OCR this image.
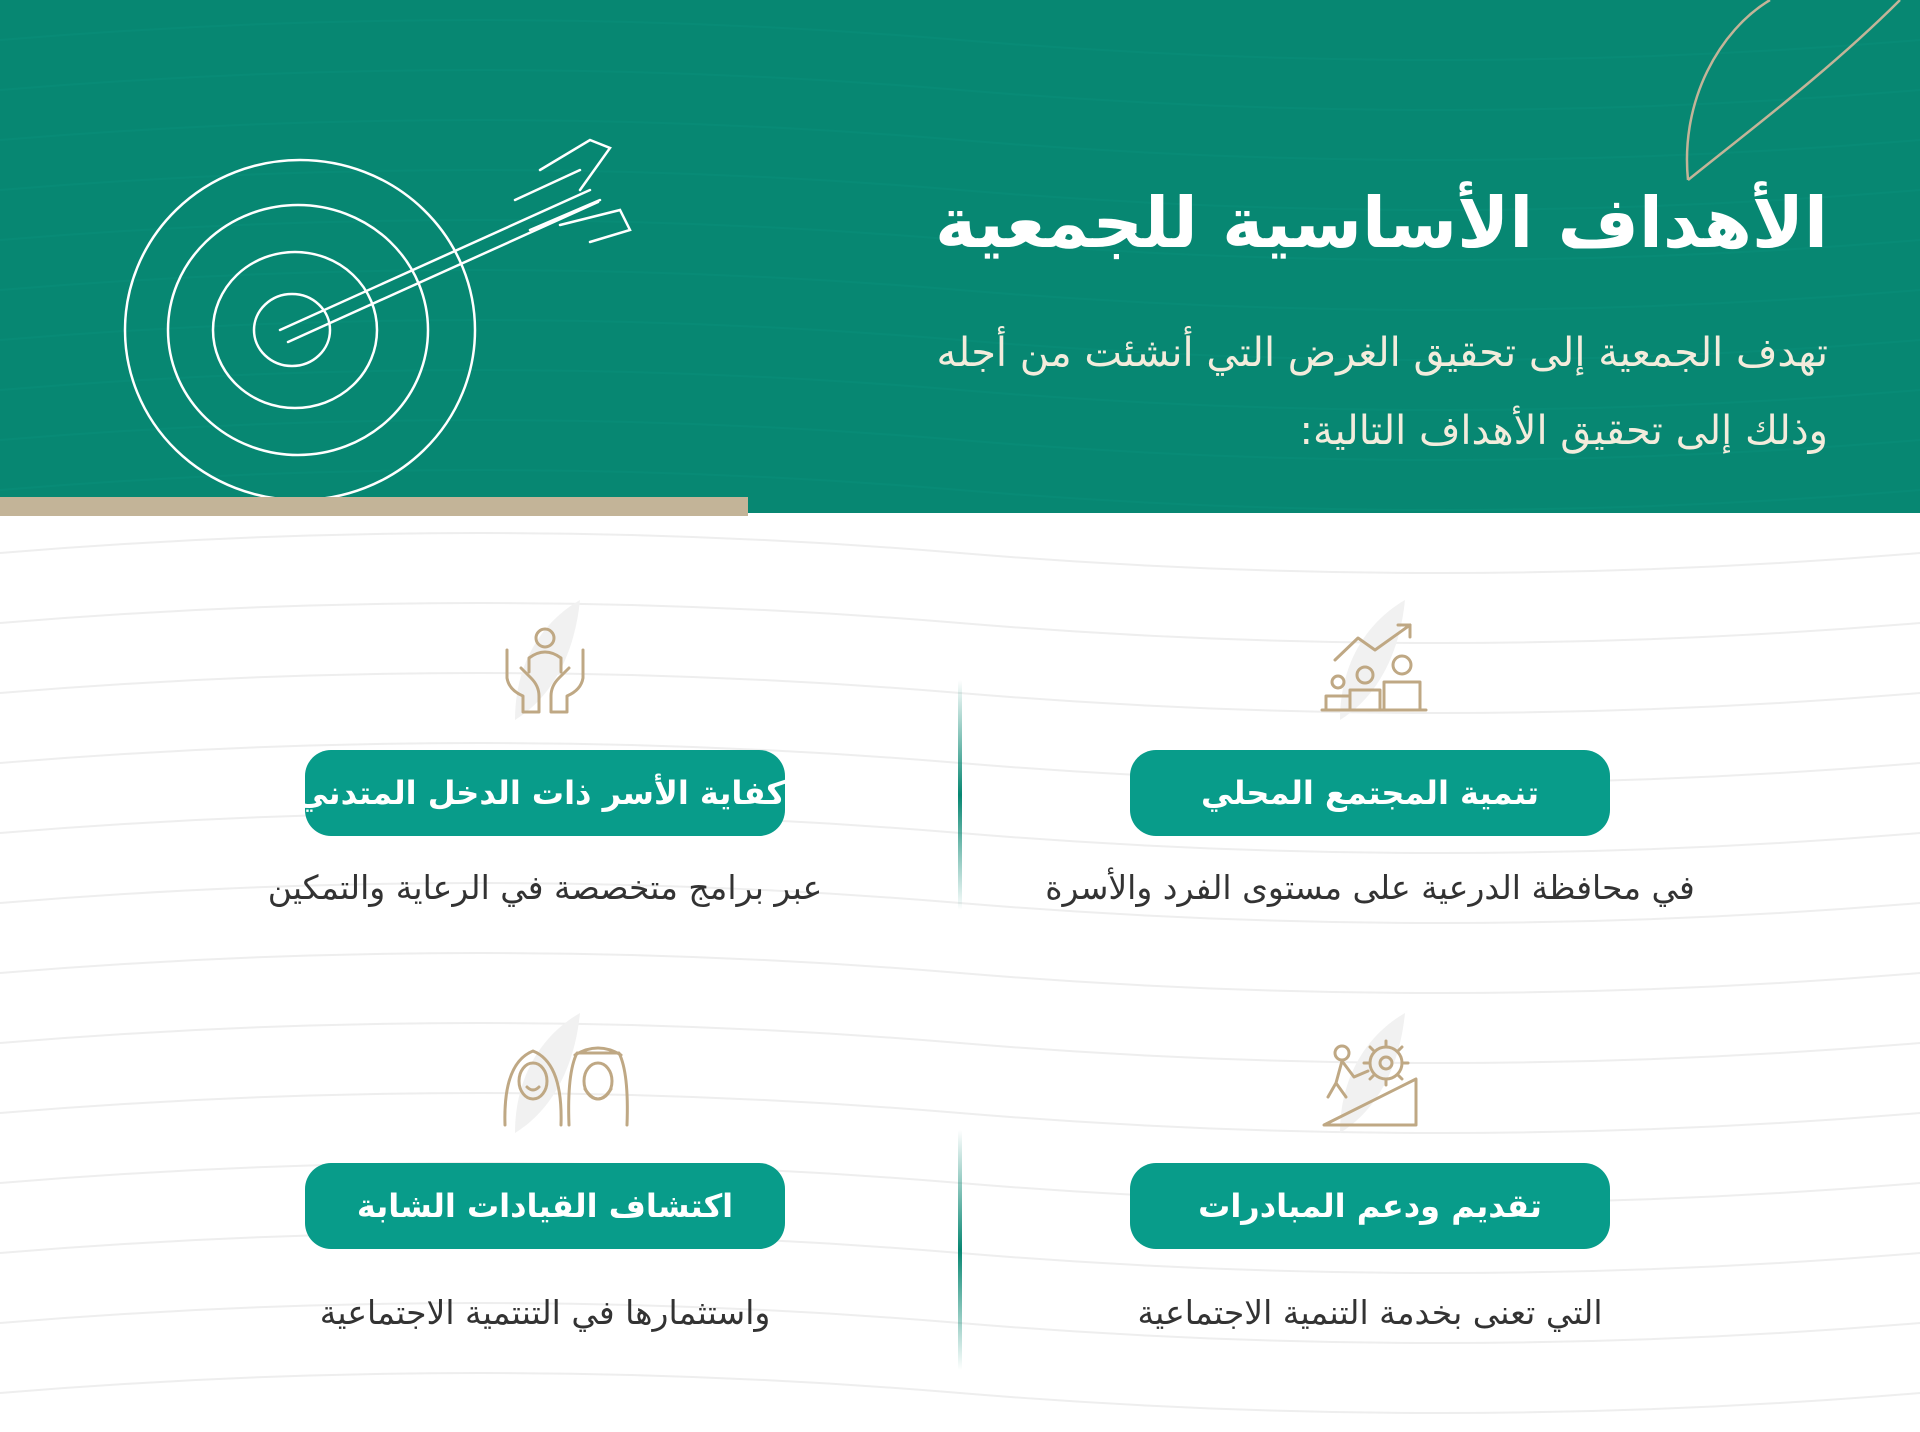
الأهداف الأساسية للجمعية
تهدف الجمعية إلى تحقيق الغرض التي أنشئت من أجله
وذلك إلى تحقيق الأهداف التالية:
تنمية المجتمع المحلي
في محافظة الدرعية على مستوى الفرد والأسرة
كفاية الأسر ذات الدخل المتدني
عبر برامج متخصصة في الرعاية والتمكين
تقديم ودعم المبادرات
التي تعنى بخدمة التنمية الاجتماعية
اكتشاف القيادات الشابة
واستثمارها في التنتمية الاجتماعية
